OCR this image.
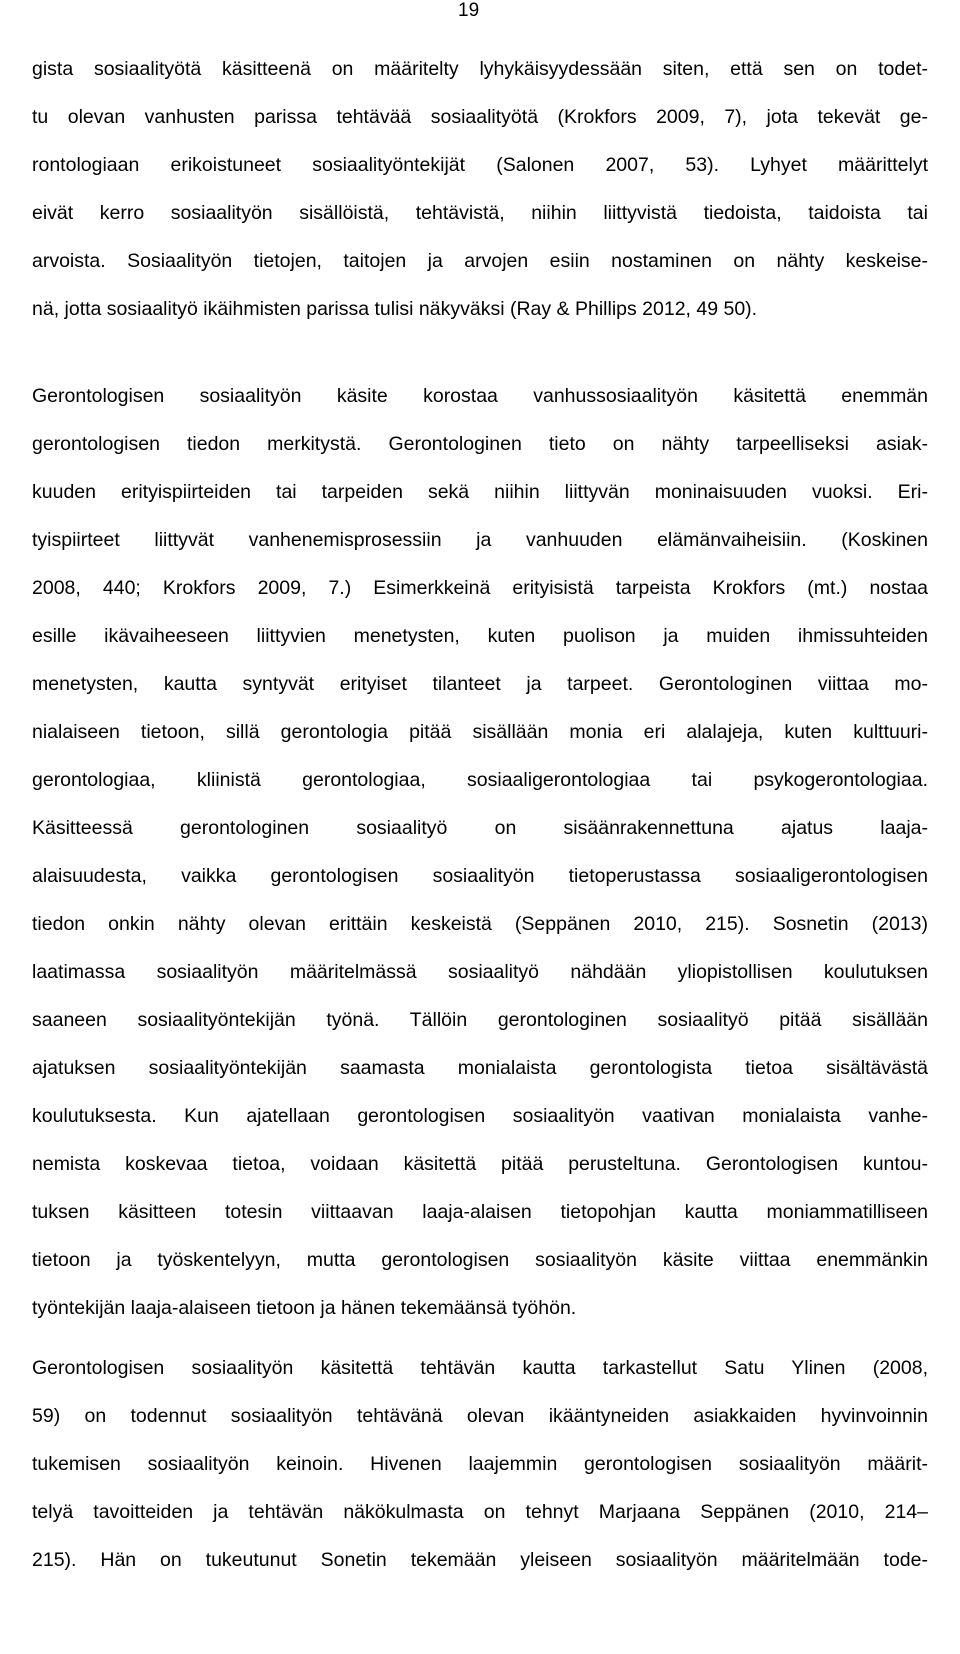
19
gista sosiaalityötä käsitteenä on määritelty lyhykäisyydessään siten, että sen on todet-
tu olevan vanhusten parissa tehtävää sosiaalityötä (Krokfors 2009, 7), jota tekevät ge-
rontologiaan erikoistuneet sosiaalityöntekijät (Salonen 2007, 53). Lyhyet määrittelyt
eivät kerro sosiaalityön sisällöistä, tehtävistä, niihin liittyvistä tiedoista, taidoista tai
arvoista. Sosiaalityön tietojen, taitojen ja arvojen esiin nostaminen on nähty keskeise-
nä, jotta sosiaalityö ikäihmisten parissa tulisi näkyväksi (Ray & Phillips 2012, 49 50).
Gerontologisen sosiaalityön käsite korostaa vanhussosiaalityön käsitettä enemmän
gerontologisen tiedon merkitystä. Gerontologinen tieto on nähty tarpeelliseksi asiak-
kuuden erityispiirteiden tai tarpeiden sekä niihin liittyvän moninaisuuden vuoksi. Eri-
tyispiirteet liittyvät vanhenemisprosessiin ja vanhuuden elämänvaiheisiin. (Koskinen
2008, 440; Krokfors 2009, 7.) Esimerkkeinä erityisistä tarpeista Krokfors (mt.) nostaa
esille ikävaiheeseen liittyvien menetysten, kuten puolison ja muiden ihmissuhteiden
menetysten, kautta syntyvät erityiset tilanteet ja tarpeet. Gerontologinen viittaa mo-
nialaiseen tietoon, sillä gerontologia pitää sisällään monia eri alalajeja, kuten kulttuuri-
gerontologiaa, kliinistä gerontologiaa, sosiaaligerontologiaa tai psykogerontologiaa.
Käsitteessä gerontologinen sosiaalityö on sisäänrakennettuna ajatus laaja-
alaisuudesta, vaikka gerontologisen sosiaalityön tietoperustassa sosiaaligerontologisen
tiedon onkin nähty olevan erittäin keskeistä (Seppänen 2010, 215). Sosnetin (2013)
laatimassa sosiaalityön määritelmässä sosiaalityö nähdään yliopistollisen koulutuksen
saaneen sosiaalityöntekijän työnä. Tällöin gerontologinen sosiaalityö pitää sisällään
ajatuksen sosiaalityöntekijän saamasta monialaista gerontologista tietoa sisältävästä
koulutuksesta. Kun ajatellaan gerontologisen sosiaalityön vaativan monialaista vanhe-
nemista koskevaa tietoa, voidaan käsitettä pitää perusteltuna. Gerontologisen kuntou-
tuksen käsitteen totesin viittaavan laaja-alaisen tietopohjan kautta moniammatilliseen
tietoon ja työskentelyyn, mutta gerontologisen sosiaalityön käsite viittaa enemmänkin
työntekijän laaja-alaiseen tietoon ja hänen tekemäänsä työhön.
Gerontologisen sosiaalityön käsitettä tehtävän kautta tarkastellut Satu Ylinen (2008,
59) on todennut sosiaalityön tehtävänä olevan ikääntyneiden asiakkaiden hyvinvoinnin
tukemisen sosiaalityön keinoin. Hivenen laajemmin gerontologisen sosiaalityön määrit-
telyä tavoitteiden ja tehtävän näkökulmasta on tehnyt Marjaana Seppänen (2010, 214–
215). Hän on tukeutunut Sonetin tekemään yleiseen sosiaalityön määritelmään tode-
